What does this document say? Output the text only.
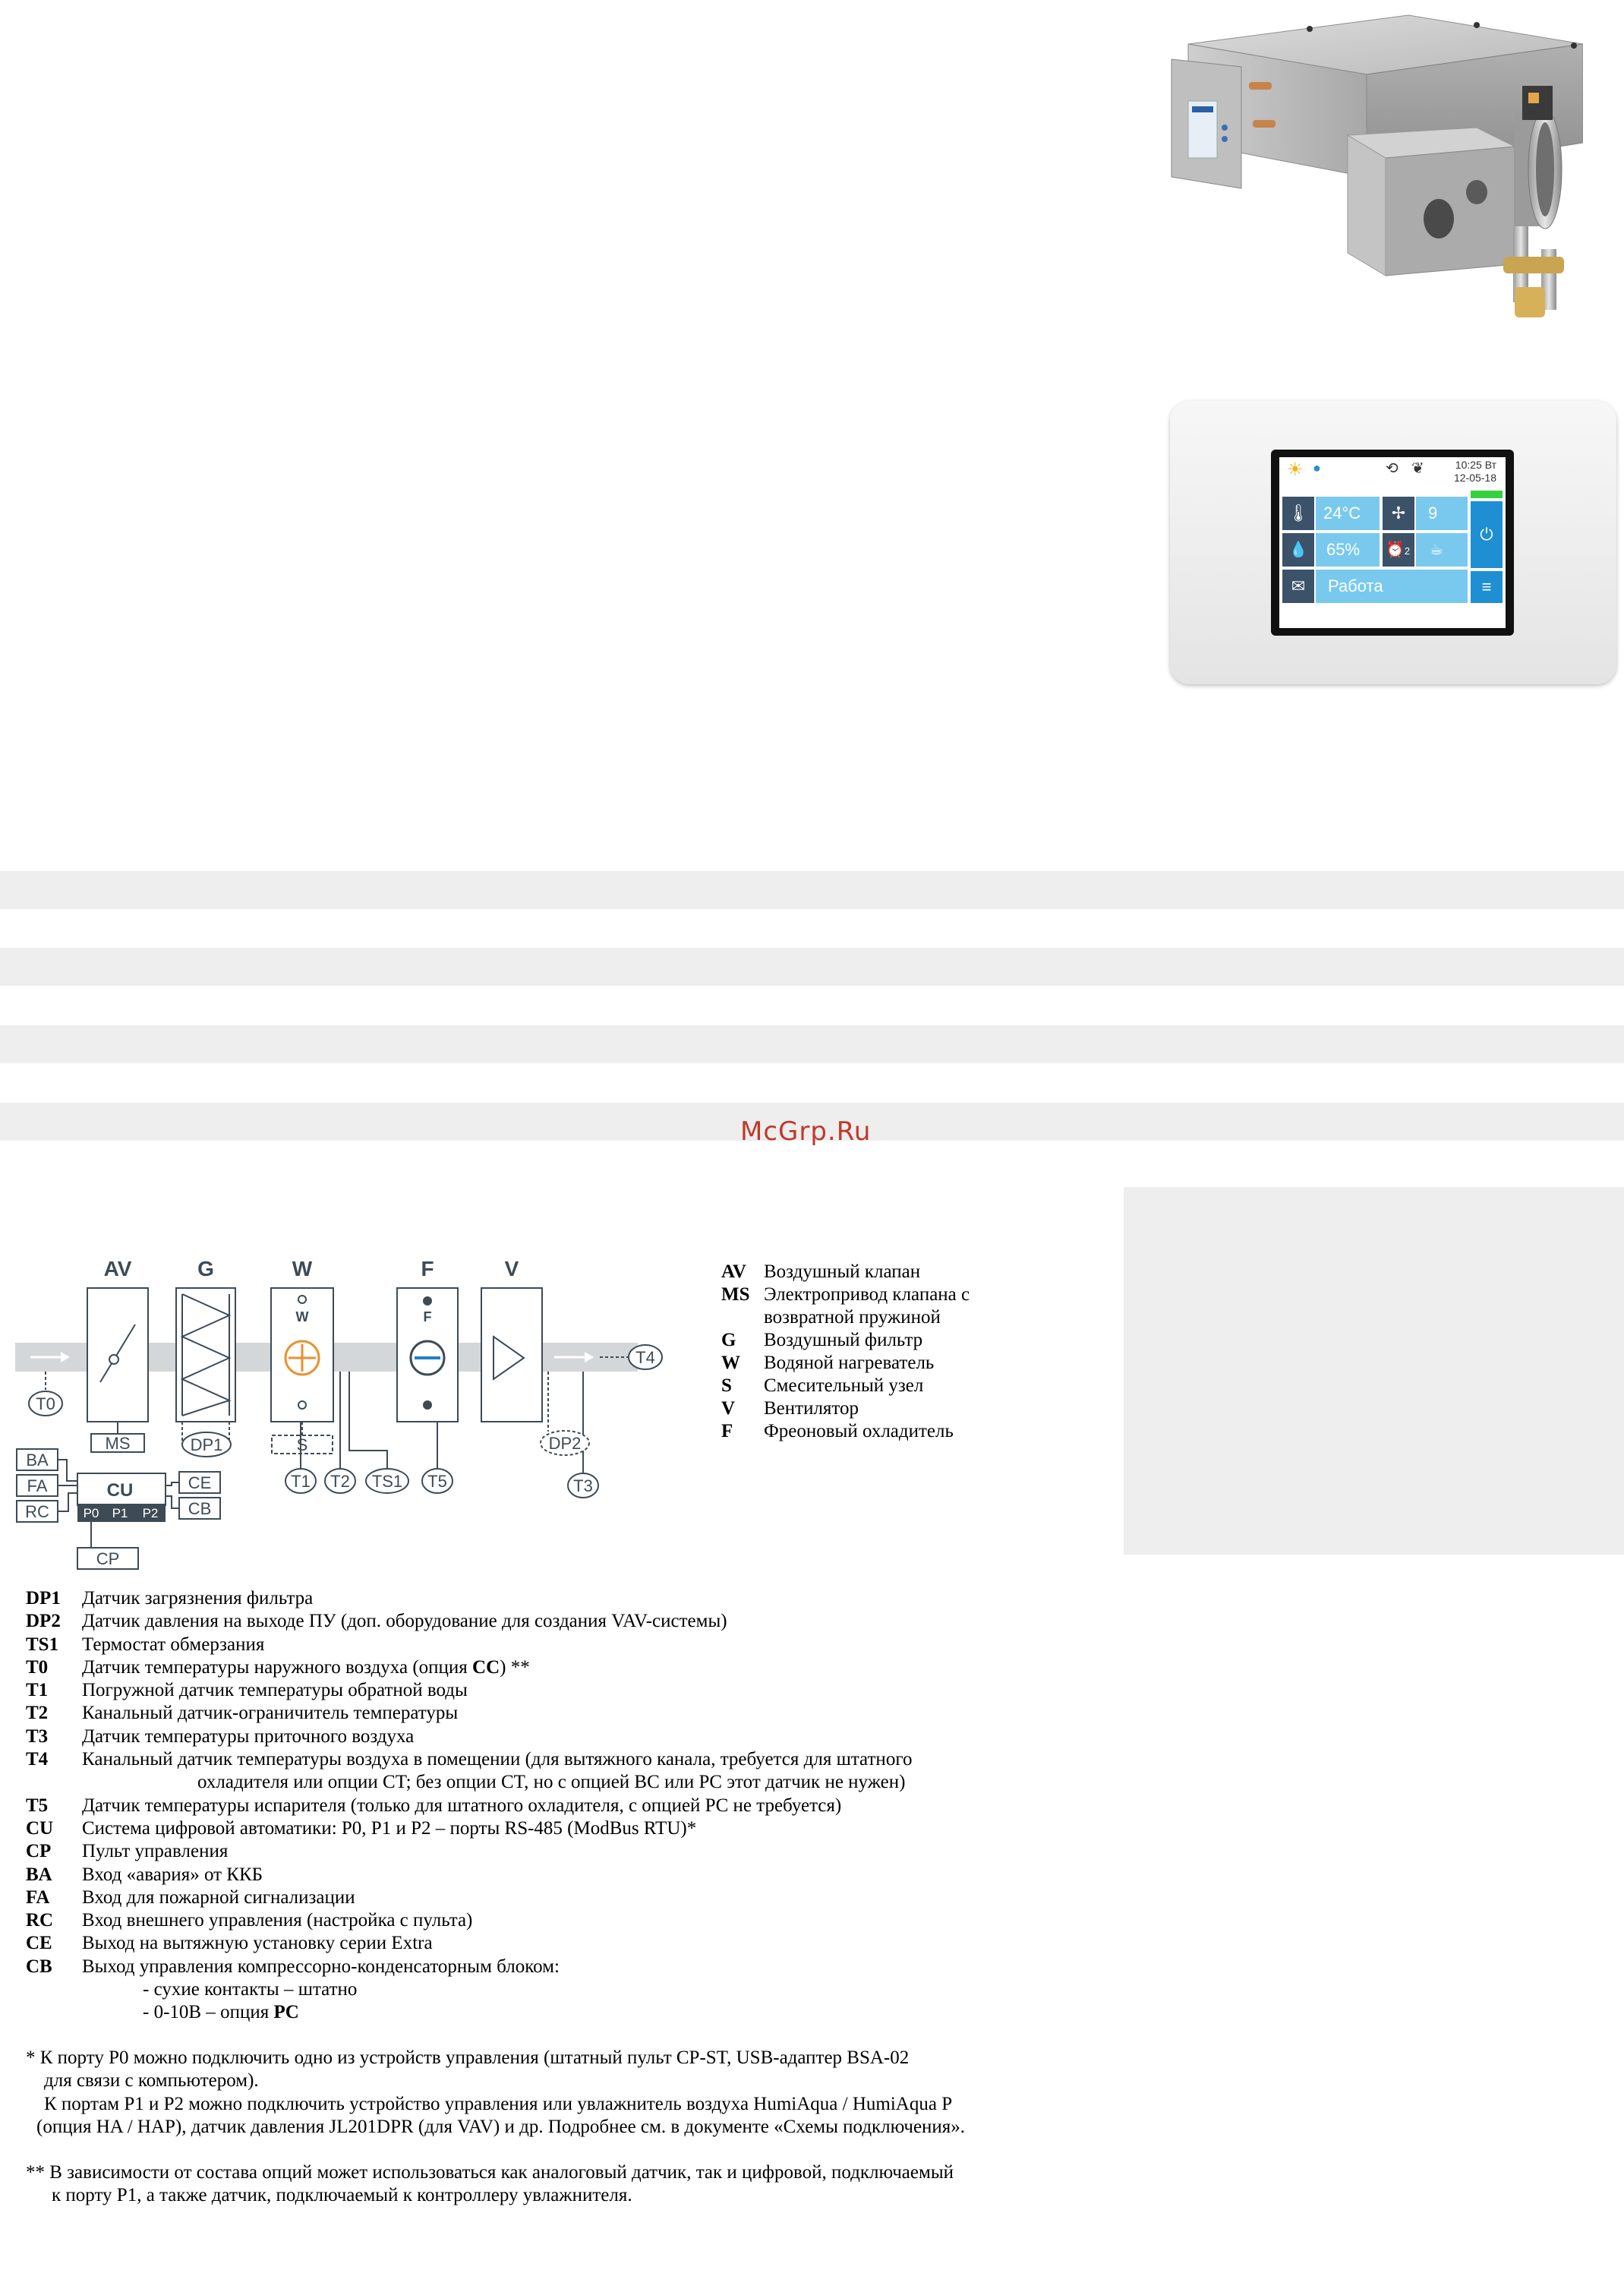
☀ ●	⟲ ❦	10:25 Вт
12-05-18
🌡 24°C	✢	9
⏻
💧	65%	⏰2	☕
✉	Работа	≡
McGrp.Ru
AV	G	W	F	V
W	F
T0
MS	DP1	S
T1 T2 TS1 T5
DP2
T3
T4
BA
FA
RC
CE
CB
CP
CU
P0 P1 P2
AV Воздушный клапан
MS Электропривод клапана с
возвратной пружиной
G	Воздушный фильтр
W	Водяной нагреватель
S	Смесительный узел
V	Вентилятор
F	Фреоновый охладитель
DP1	Датчик загрязнения фильтра
DP2	Датчик давления на выходе ПУ (доп. оборудование для создания VAV-системы)
TS1	Термостат обмерзания
T0	Датчик температуры наружного воздуха (опция CC) **
T1	Погружной датчик температуры обратной воды
T2	Канальный датчик-ограничитель температуры
T3	Датчик температуры приточного воздуха
T4	Канальный датчик температуры воздуха в помещении (для вытяжного канала, требуется для штатного
охладителя или опции CT; без опции CT, но с опцией BC или PC этот датчик не нужен)
T5	Датчик температуры испарителя (только для штатного охладителя, с опцией PC не требуется)
CU	Система цифровой автоматики: P0, P1 и P2 – порты RS-485 (ModBus RTU)*
CP	Пульт управления
BA	Вход «авария» от ККБ
FA	Вход для пожарной сигнализации
RC	Вход внешнего управления (настройка с пульта)
CE	Выход на вытяжную установку серии Extra
CB	Выход управления компрессорно-конденсаторным блоком:
- сухие контакты – штатно
- 0-10В – опция PC

* К порту P0 можно подключить одно из устройств управления (штатный пульт CP-ST, USB-адаптер BSA-02

для связи с компьютером).

К портам P1 и P2 можно подключить устройство управления или увлажнитель воздуха HumiAqua / HumiAqua P

(опция HA / HAP), датчик давления JL201DPR (для VAV) и др. Подробнее см. в документе «Схемы подключения».

** В зависимости от состава опций может использоваться как аналоговый датчик, так и цифровой, подключаемый

к порту P1, а также датчик, подключаемый к контроллеру увлажнителя.
